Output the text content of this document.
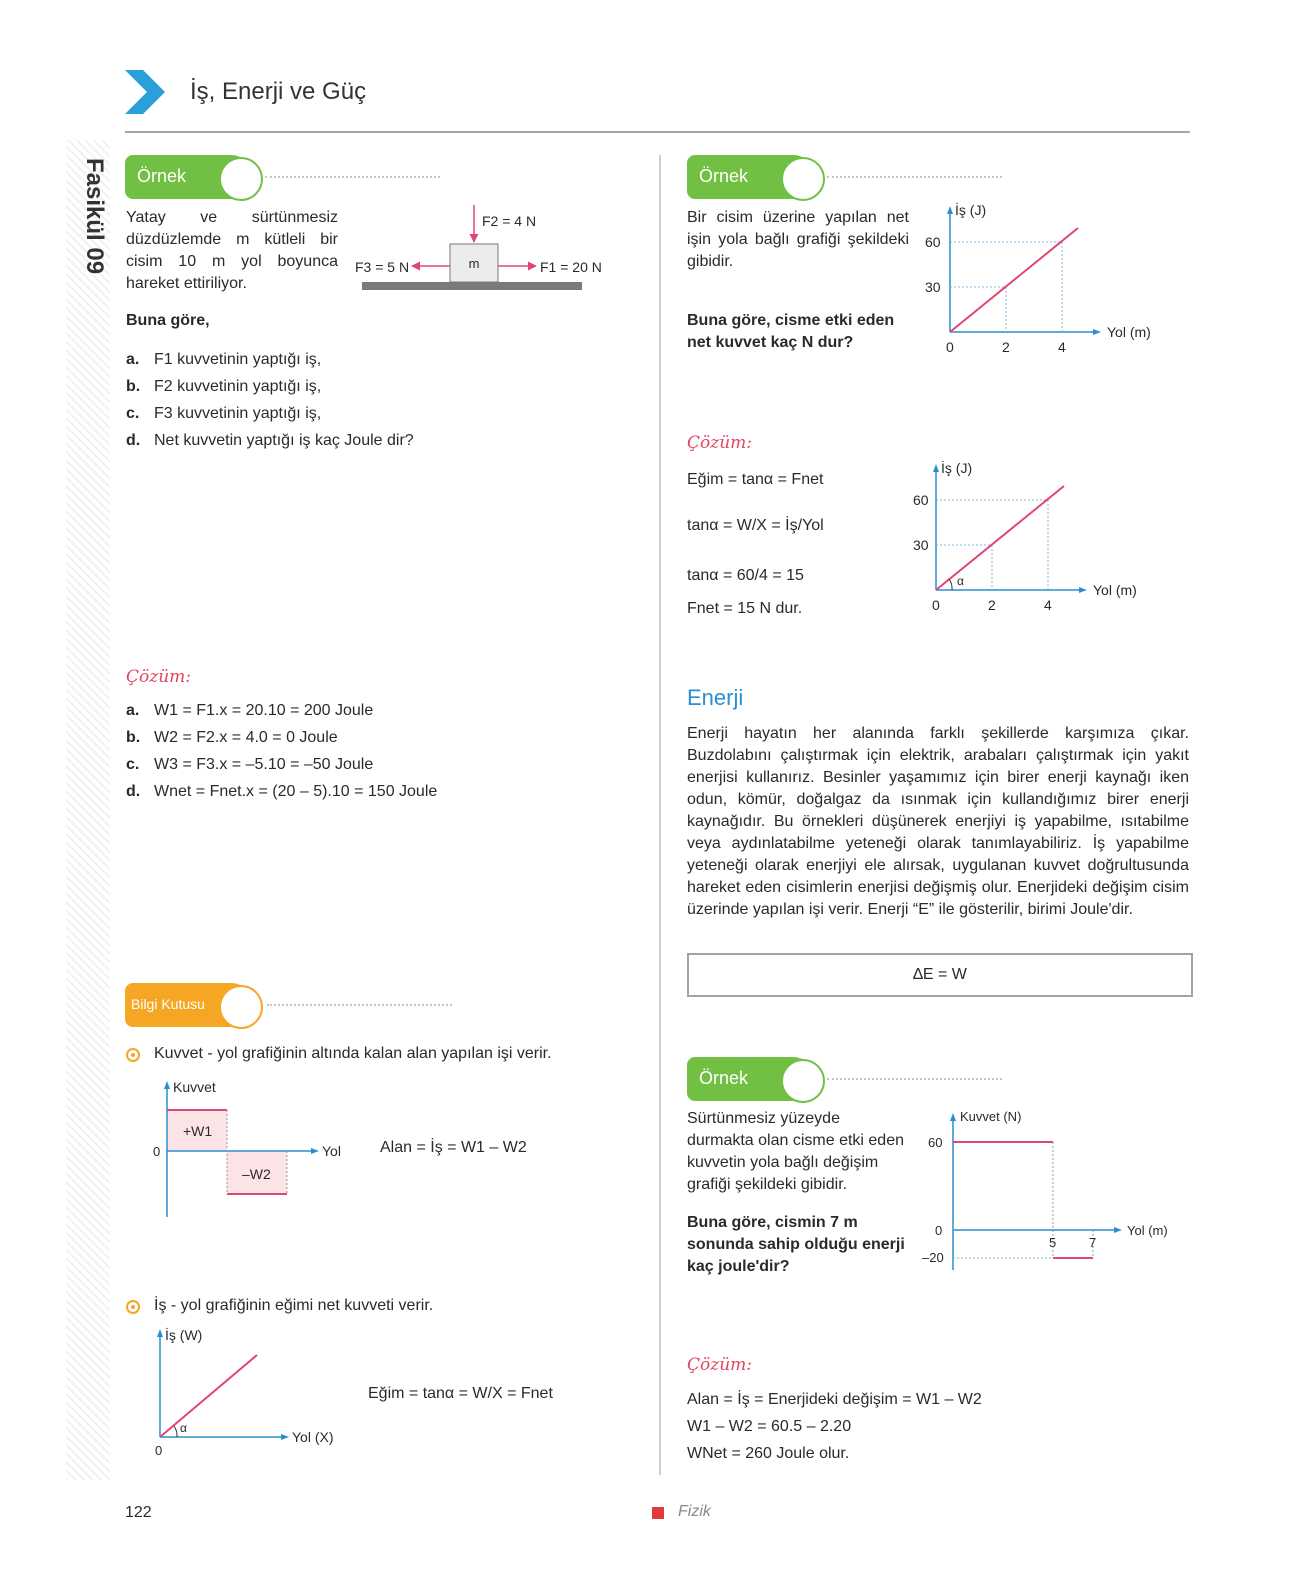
İş, Enerji ve Güç
Fasikül 09 Örnek
Yatay ve sürtünmesiz düzdüzlemde m kütleli bir cisim 10 m yol boyunca hareket ettiriliyor.
m
F2 = 4 N
F3 = 5 N	F1 = 20 N
Buna göre,
a. F1 kuvvetinin yaptığı iş,
b. F2 kuvvetinin yaptığı iş,
c. F3 kuvvetinin yaptığı iş,
d. Net kuvvetin yaptığı iş kaç Joule dir?
Çözüm:
a. W1 = F1.x = 20.10 = 200 Joule
b. W2 = F2.x = 4.0 = 0 Joule
c. W3 = F3.x = –5.10 = –50 Joule
d. Wnet = Fnet.x = (20 – 5).10 = 150 Joule
Bilgi Kutusu
Kuvvet - yol grafiğinin altında kalan alan yapılan işi verir.
Kuvvet
Yol
0
+W1
–W2
Alan = İş = W1 – W2
İş - yol grafiğinin eğimi net kuvveti verir.
İş (W)
Yol (X)
0
α
Eğim = tanα = W/X = Fnet
Örnek
Bir cisim üzerine yapılan net işin yola bağlı grafiği şekildeki gibidir.
Buna göre, cisme etki eden net kuvvet kaç N dur?
İş (J)
Yol (m)
60
30
0	2	4
Çözüm:
Eğim = tanα = Fnet
tanα = W/X = İş/Yol
tanα = 60/4 = 15
Fnet = 15 N dur.
α
İş (J)
Yol (m)
60
30
0	2	4
Enerji
Enerji hayatın her alanında farklı şekillerde karşımıza çıkar. Buzdolabını çalıştırmak için elektrik, arabaları çalıştırmak için yakıt enerjisi kullanırız. Besinler yaşamımız için birer enerji kaynağı iken odun, kömür, doğalgaz da ısınmak için kullandığımız birer enerji kaynağıdır. Bu örnekleri düşünerek enerjiyi iş yapabilme, ısıtabilme veya aydınlatabilme yeteneği olarak tanımlayabiliriz. İş yapabilme yeteneği olarak enerjiyi ele alırsak, uygulanan kuvvet doğrultusunda hareket eden cisimlerin enerjisi değişmiş olur. Enerjideki değişim cisim üzerinde yapılan işi verir. Enerji “E” ile gösterilir, birimi Joule'dir.
∆E = W
Örnek
Sürtünmesiz yüzeyde durmakta olan cisme etki eden kuvvetin yola bağlı değişim grafiği şekildeki gibidir.
Buna göre, cismin 7 m sonunda sahip olduğu enerji kaç joule'dir?
Kuvvet (N)
Yol (m)
60
0
–20
5	7
Çözüm:
Alan = İş = Enerjideki değişim = W1 – W2
W1 – W2 = 60.5 – 2.20
WNet = 260 Joule olur.
122	Fizik
